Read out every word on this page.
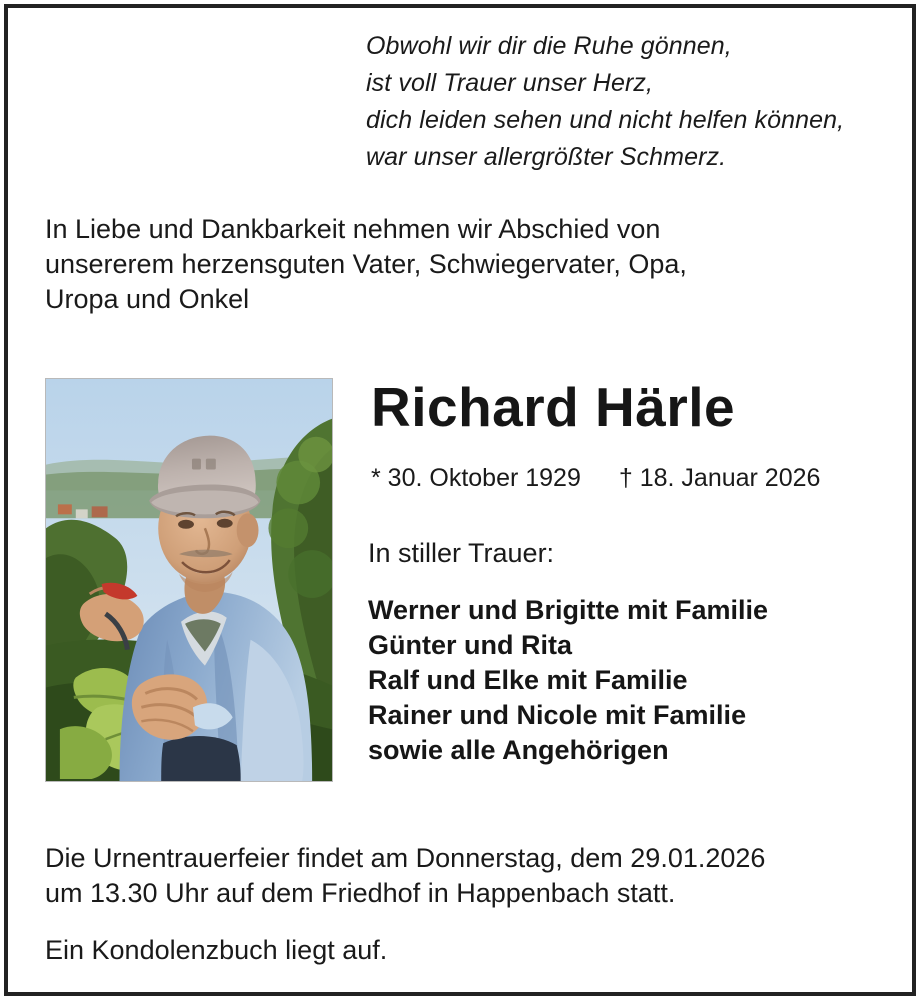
Obwohl wir dir die Ruhe gönnen,
ist voll Trauer unser Herz,
dich leiden sehen und nicht helfen können,
war unser allergrößter Schmerz.
In Liebe und Dankbarkeit nehmen wir Abschied von
unsererem herzensguten Vater, Schwiegervater, Opa,
Uropa und Onkel
Richard Härle
* 30. Oktober 1929 † 18. Januar 2026
In stiller Trauer:
Werner und Brigitte mit Familie
Günter und Rita
Ralf und Elke mit Familie
Rainer und Nicole mit Familie
sowie alle Angehörigen
Die Urnentrauerfeier findet am Donnerstag, dem 29.01.2026
um 13.30 Uhr auf dem Friedhof in Happenbach statt.
Ein Kondolenzbuch liegt auf.
